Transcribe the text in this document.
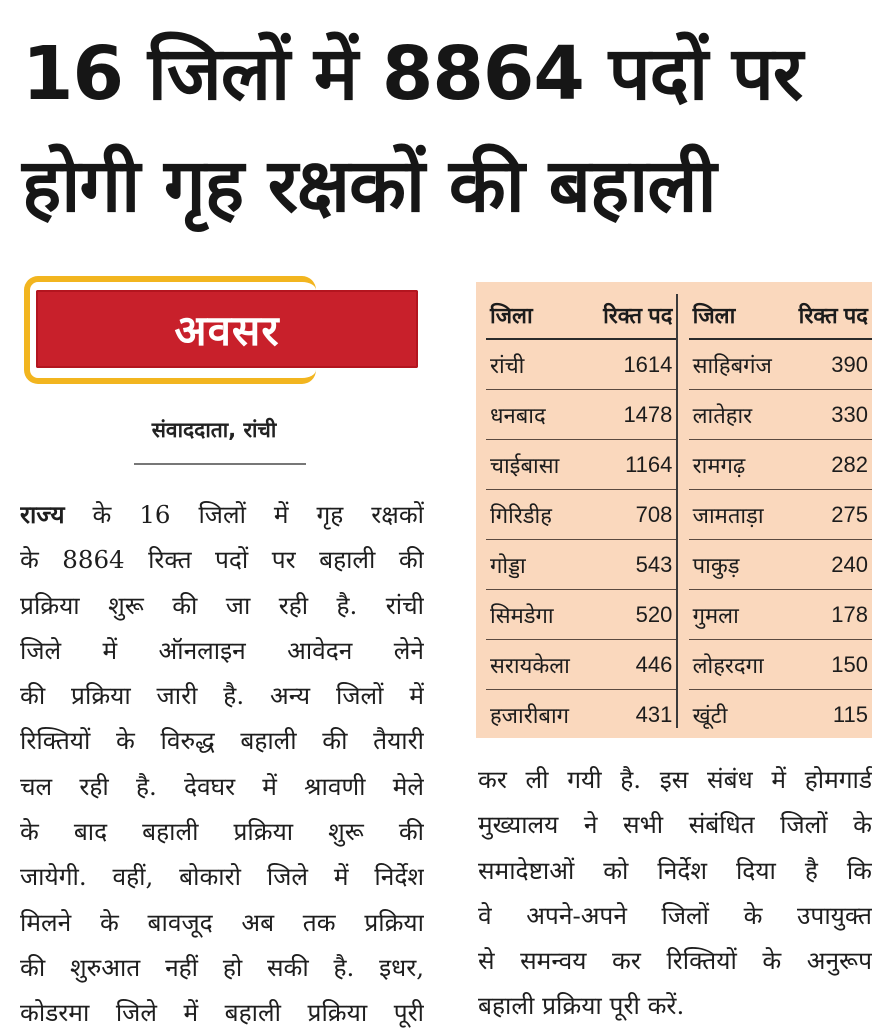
16 जिलों में 8864 पदों पर
होगी गृह रक्षकों की बहाली
अवसर
संवाददाता, रांची
राज्य के 16 जिलों में गृह रक्षकों
के 8864 रिक्त पदों पर बहाली की
प्रक्रिया शुरू की जा रही है. रांची
जिले में ऑनलाइन आवेदन लेने
की प्रक्रिया जारी है. अन्य जिलों में
रिक्तियों के विरुद्ध बहाली की तैयारी
चल रही है. देवघर में श्रावणी मेले
के बाद बहाली प्रक्रिया शुरू की
जायेगी. वहीं, बोकारो जिले में निर्देश
मिलने के बावजूद अब तक प्रक्रिया
की शुरुआत नहीं हो सकी है. इधर,
कोडरमा जिले में बहाली प्रक्रिया पूरी
जिला	रिक्त पद		जिला	रिक्त पद
रांची	1614		साहिबगंज	390
धनबाद	1478		लातेहार	330
चाईबासा	1164		रामगढ़	282
गिरिडीह	708		जामताड़ा	275
गोड्डा	543		पाकुड़	240
सिमडेगा	520		गुमला	178
सरायकेला	446		लोहरदगा	150
हजारीबाग	431		खूंटी	115
कर ली गयी है. इस संबंध में होमगार्ड
मुख्यालय ने सभी संबंधित जिलों के
समादेष्टाओं को निर्देश दिया है कि
वे अपने-अपने जिलों के उपायुक्त
से समन्वय कर रिक्तियों के अनुरूप
बहाली प्रक्रिया पूरी करें.
